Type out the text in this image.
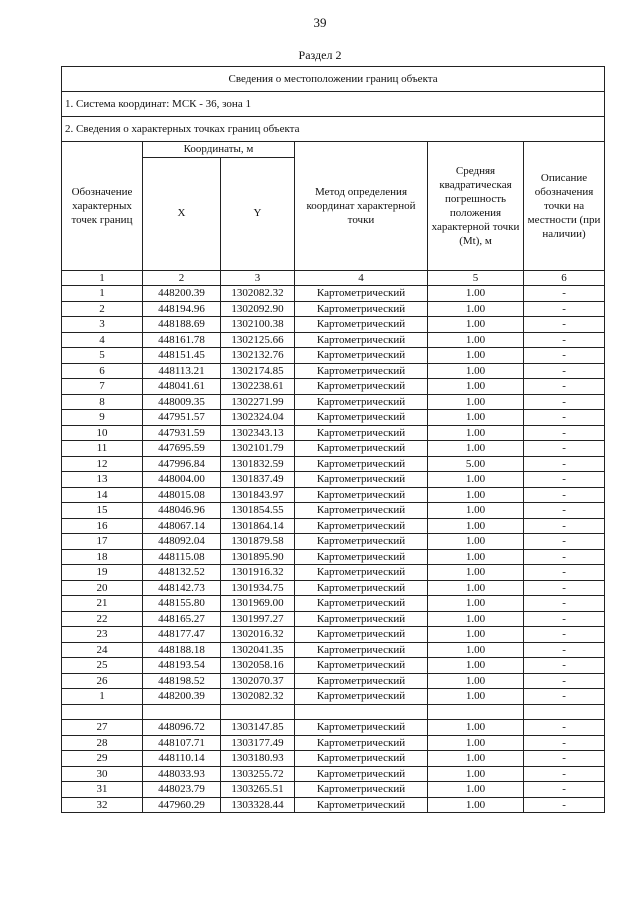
39
Раздел 2
Сведения о местоположении границ объекта					
1. Система координат: МСК - 36, зона 1					
2. Сведения о характерных точках границ объекта					
Обозначение характерных точек границ	Координаты, м		Метод определения координат характерной точки	Средняя квадратическая погрешность положения характерной точки (Mt), м	Описание обозначения точки на местности (при наличии)
	X	Y			
1	2	3	4	5	6
1	448200.39	1302082.32	Картометрический	1.00	-
2	448194.96	1302092.90	Картометрический	1.00	-
3	448188.69	1302100.38	Картометрический	1.00	-
4	448161.78	1302125.66	Картометрический	1.00	-
5	448151.45	1302132.76	Картометрический	1.00	-
6	448113.21	1302174.85	Картометрический	1.00	-
7	448041.61	1302238.61	Картометрический	1.00	-
8	448009.35	1302271.99	Картометрический	1.00	-
9	447951.57	1302324.04	Картометрический	1.00	-
10	447931.59	1302343.13	Картометрический	1.00	-
11	447695.59	1302101.79	Картометрический	1.00	-
12	447996.84	1301832.59	Картометрический	5.00	-
13	448004.00	1301837.49	Картометрический	1.00	-
14	448015.08	1301843.97	Картометрический	1.00	-
15	448046.96	1301854.55	Картометрический	1.00	-
16	448067.14	1301864.14	Картометрический	1.00	-
17	448092.04	1301879.58	Картометрический	1.00	-
18	448115.08	1301895.90	Картометрический	1.00	-
19	448132.52	1301916.32	Картометрический	1.00	-
20	448142.73	1301934.75	Картометрический	1.00	-
21	448155.80	1301969.00	Картометрический	1.00	-
22	448165.27	1301997.27	Картометрический	1.00	-
23	448177.47	1302016.32	Картометрический	1.00	-
24	448188.18	1302041.35	Картометрический	1.00	-
25	448193.54	1302058.16	Картометрический	1.00	-
26	448198.52	1302070.37	Картометрический	1.00	-
1	448200.39	1302082.32	Картометрический	1.00	-

27	448096.72	1303147.85	Картометрический	1.00	-
28	448107.71	1303177.49	Картометрический	1.00	-
29	448110.14	1303180.93	Картометрический	1.00	-
30	448033.93	1303255.72	Картометрический	1.00	-
31	448023.79	1303265.51	Картометрический	1.00	-
32	447960.29	1303328.44	Картометрический	1.00	-
